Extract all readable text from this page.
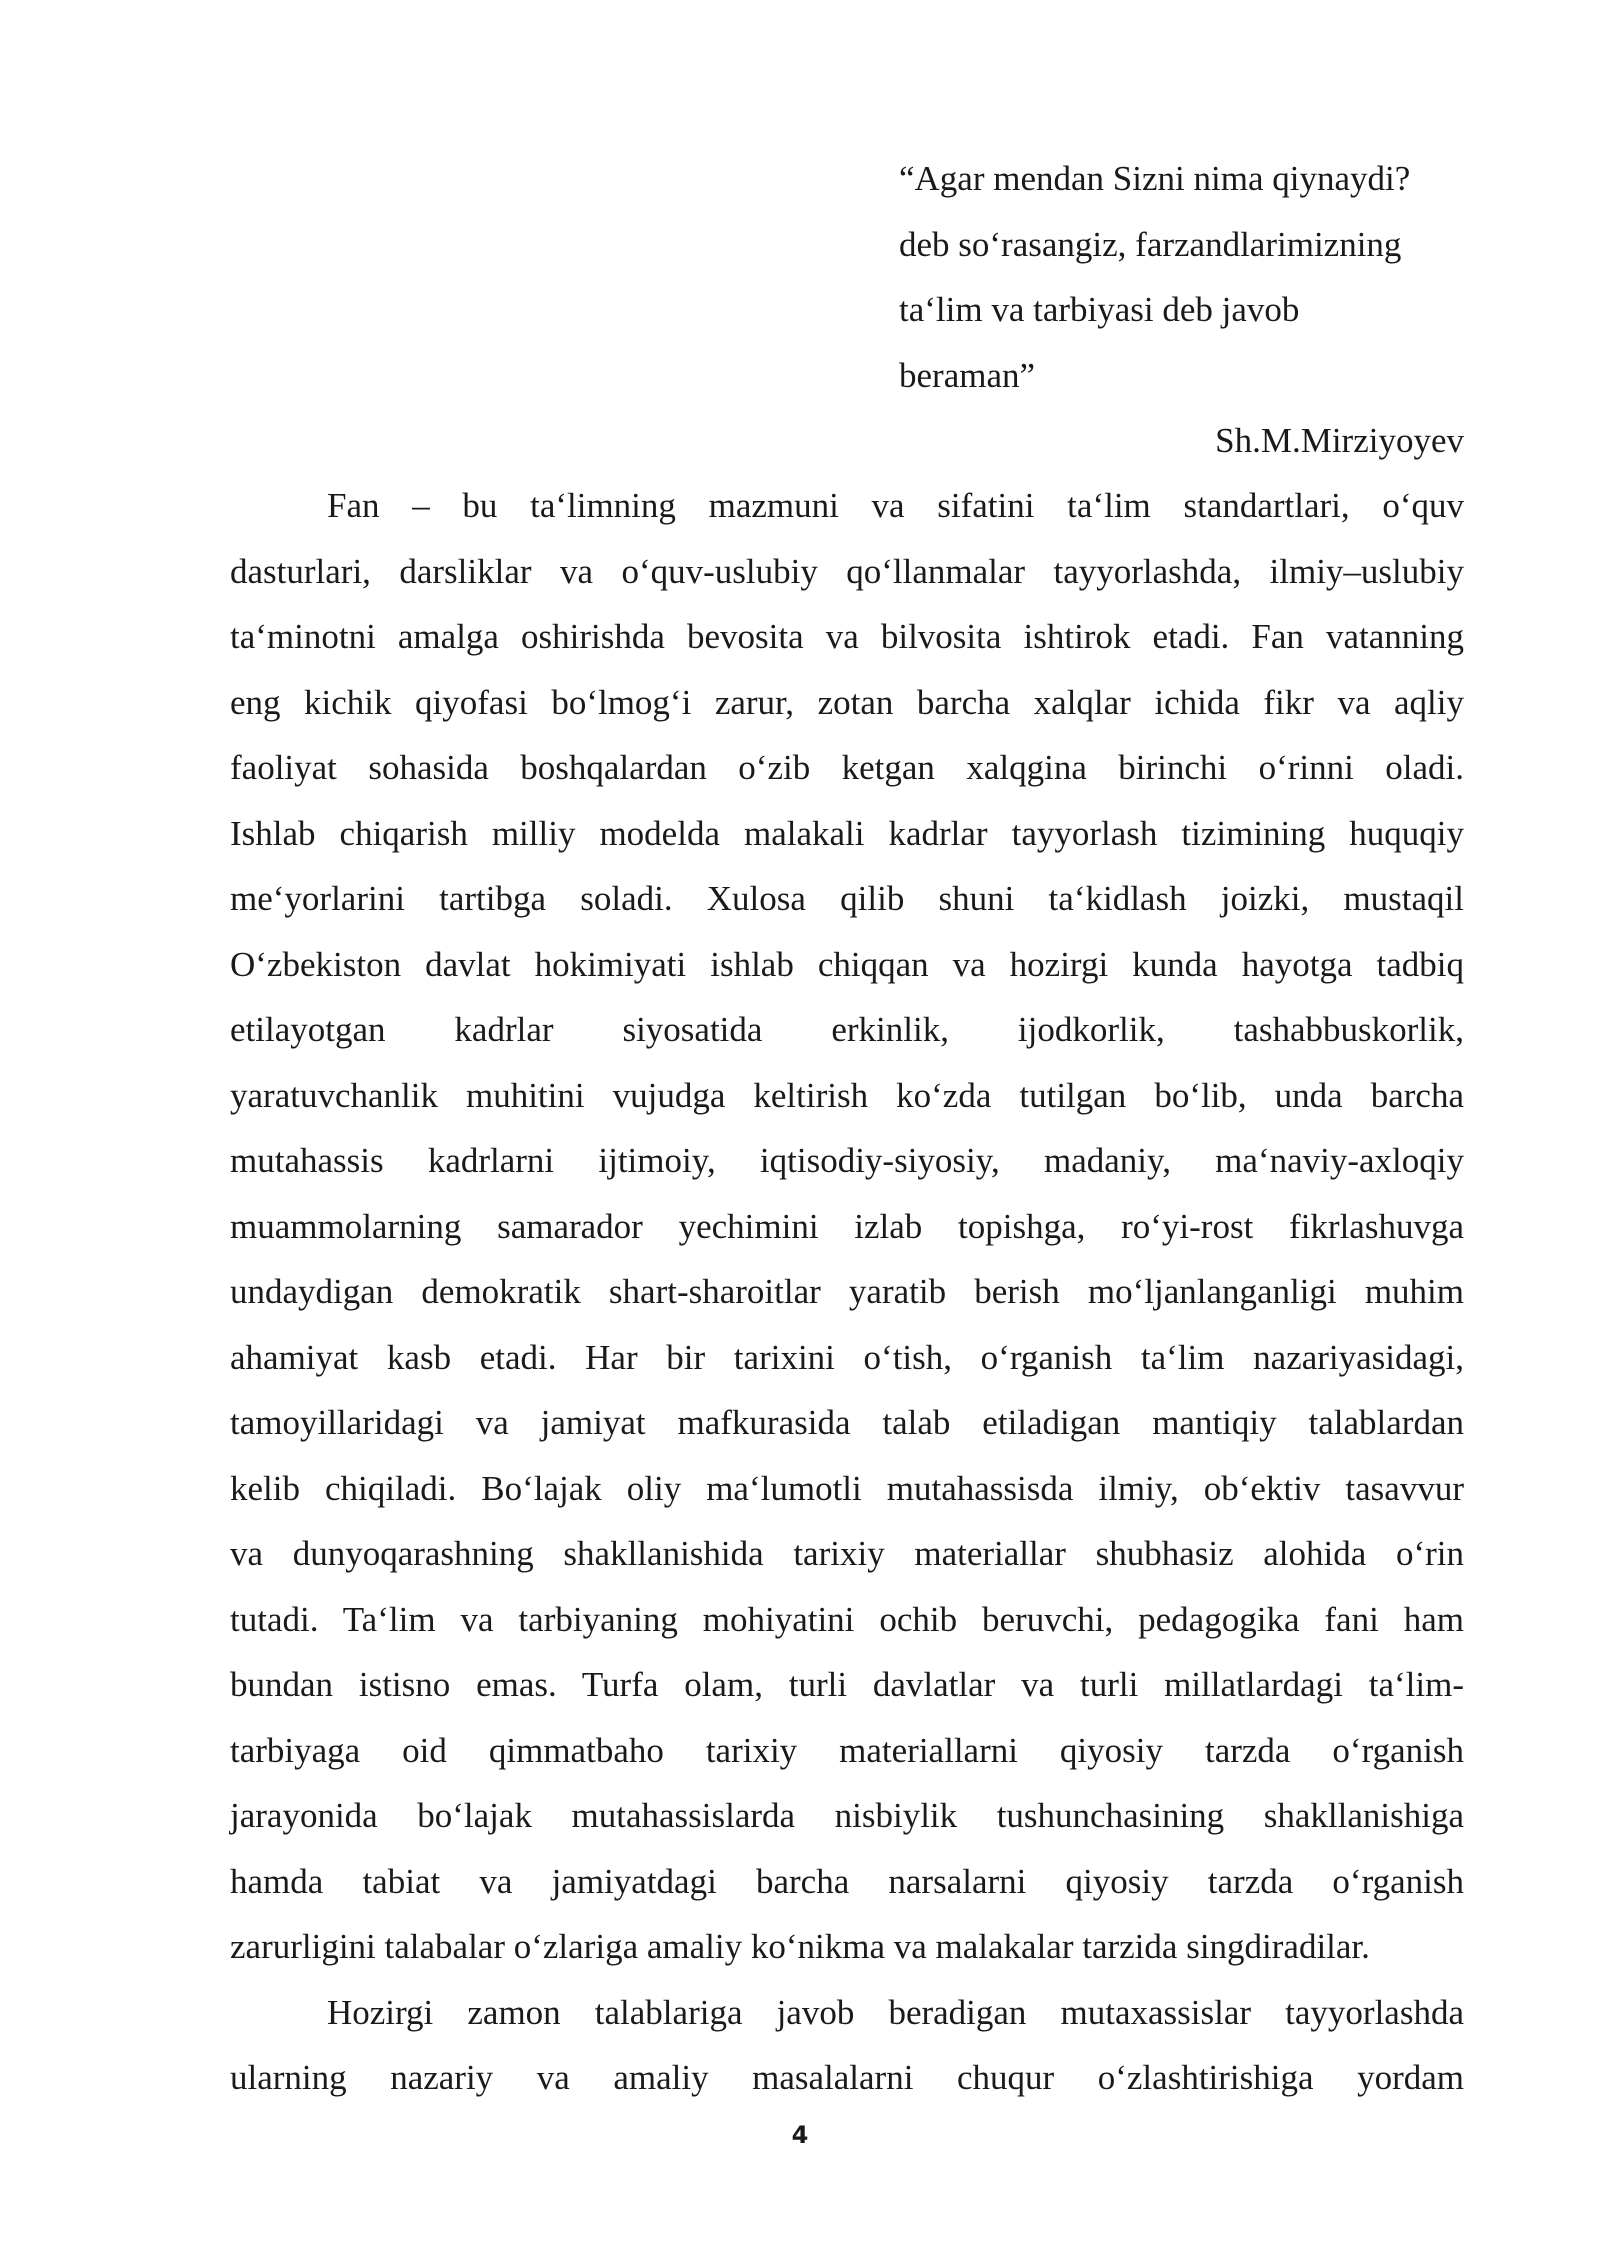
“Agar mendan Sizni nima qiynaydi?
deb so‘rasangiz, farzandlarimizning
ta‘lim va tarbiyasi deb javob
beraman”
Sh.M.Mirziyoyev
Fan – bu ta‘limning mazmuni va sifatini ta‘lim standartlari, o‘quv
dasturlari, darsliklar va o‘quv-uslubiy qo‘llanmalar tayyorlashda, ilmiy–uslubiy
ta‘minotni amalga oshirishda bevosita va bilvosita ishtirok etadi. Fan vatanning
eng kichik qiyofasi bo‘lmog‘i zarur, zotan barcha xalqlar ichida fikr va aqliy
faoliyat sohasida boshqalardan o‘zib ketgan xalqgina birinchi o‘rinni oladi.
Ishlab chiqarish milliy modelda malakali kadrlar tayyorlash tizimining huquqiy
me‘yorlarini tartibga soladi. Xulosa qilib shuni ta‘kidlash joizki, mustaqil
O‘zbekiston davlat hokimiyati ishlab chiqqan va hozirgi kunda hayotga tadbiq
etilayotgan kadrlar siyosatida erkinlik, ijodkorlik, tashabbuskorlik,
yaratuvchanlik muhitini vujudga keltirish ko‘zda tutilgan bo‘lib, unda barcha
mutahassis kadrlarni ijtimoiy, iqtisodiy-siyosiy, madaniy, ma‘naviy-axloqiy
muammolarning samarador yechimini izlab topishga, ro‘yi-rost fikrlashuvga
undaydigan demokratik shart-sharoitlar yaratib berish mo‘ljanlanganligi muhim
ahamiyat kasb etadi. Har bir tarixini o‘tish, o‘rganish ta‘lim nazariyasidagi,
tamoyillaridagi va jamiyat mafkurasida talab etiladigan mantiqiy talablardan
kelib chiqiladi. Bo‘lajak oliy ma‘lumotli mutahassisda ilmiy, ob‘ektiv tasavvur
va dunyoqarashning shakllanishida tarixiy materiallar shubhasiz alohida o‘rin
tutadi. Ta‘lim va tarbiyaning mohiyatini ochib beruvchi, pedagogika fani ham
bundan istisno emas. Turfa olam, turli davlatlar va turli millatlardagi ta‘lim-
tarbiyaga oid qimmatbaho tarixiy materiallarni qiyosiy tarzda o‘rganish
jarayonida bo‘lajak mutahassislarda nisbiylik tushunchasining shakllanishiga
hamda tabiat va jamiyatdagi barcha narsalarni qiyosiy tarzda o‘rganish
zarurligini talabalar o‘zlariga amaliy ko‘nikma va malakalar tarzida singdiradilar.
Hozirgi zamon talablariga javob beradigan mutaxassislar tayyorlashda
ularning nazariy va amaliy masalalarni chuqur o‘zlashtirishiga yordam
4
